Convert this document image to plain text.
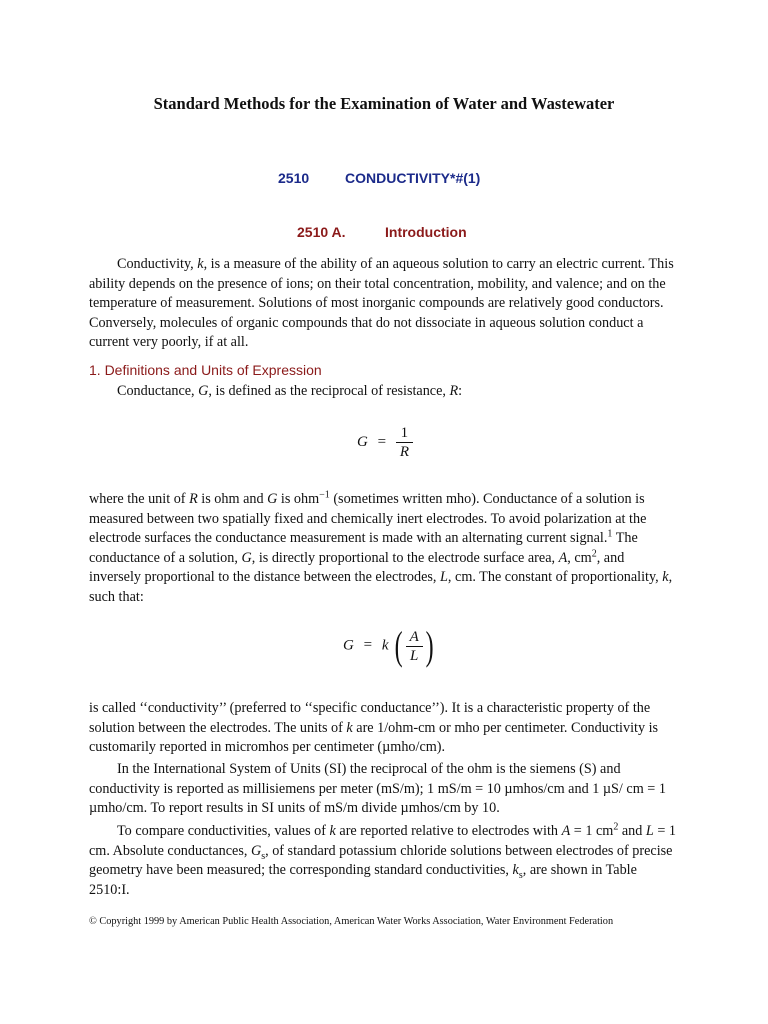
Standard Methods for the Examination of Water and Wastewater
2510	CONDUCTIVITY*#(1)
2510 A.	Introduction

Conductivity, k, is a measure of the ability of an aqueous solution to carry an electric current. This ability depends on the presence of ions; on their total concentration, mobility, and valence; and on the temperature of measurement. Solutions of most inorganic compounds are relatively good conductors. Conversely, molecules of organic compounds that do not dissociate in aqueous solution conduct a current very poorly, if at all.

1. Definitions and Units of Expression

Conductance, G, is defined as the reciprocal of resistance, R:

$G = \frac{1}{R}$

where the unit of R is ohm and G is ohm$^{-1}$ (sometimes written mho). Conductance of a solution is measured between two spatially fixed and chemically inert electrodes. To avoid polarization at the electrode surfaces the conductance measurement is made with an alternating current signal.$^1$ The conductance of a solution, G, is directly proportional to the electrode surface area, A, $cm^2$, and inversely proportional to the distance between the electrodes, L, cm. The constant of proportionality, k, such that:

G = k ( $\frac{A}{L}$ )

is called ‘‘conductivity’’ (preferred to ‘‘specific conductance’’). It is a characteristic property of the solution between the electrodes. The units of k are 1/ohm-cm or mho per centimeter. Conductivity is customarily reported in micromhos per centimeter (µmho/cm).

In the International System of Units (SI) the reciprocal of the ohm is the siemens (S) and conductivity is reported as millisiemens per meter (mS/m); 1 mS/m = 10 µmhos/cm and 1 µS/ cm = 1 µmho/cm. To report results in SI units of mS/m divide µmhos/cm by 10.

To compare conductivities, values of k are reported relative to electrodes with A = 1 $cm^2$ and L = 1 cm. Absolute conductances, $G_s$, of standard potassium chloride solutions between electrodes of precise geometry have been measured; the corresponding standard conductivities, $k_s$, are shown in Table 2510:I.

© Copyright 1999 by American Public Health Association, American Water Works Association, Water Environment Federation
